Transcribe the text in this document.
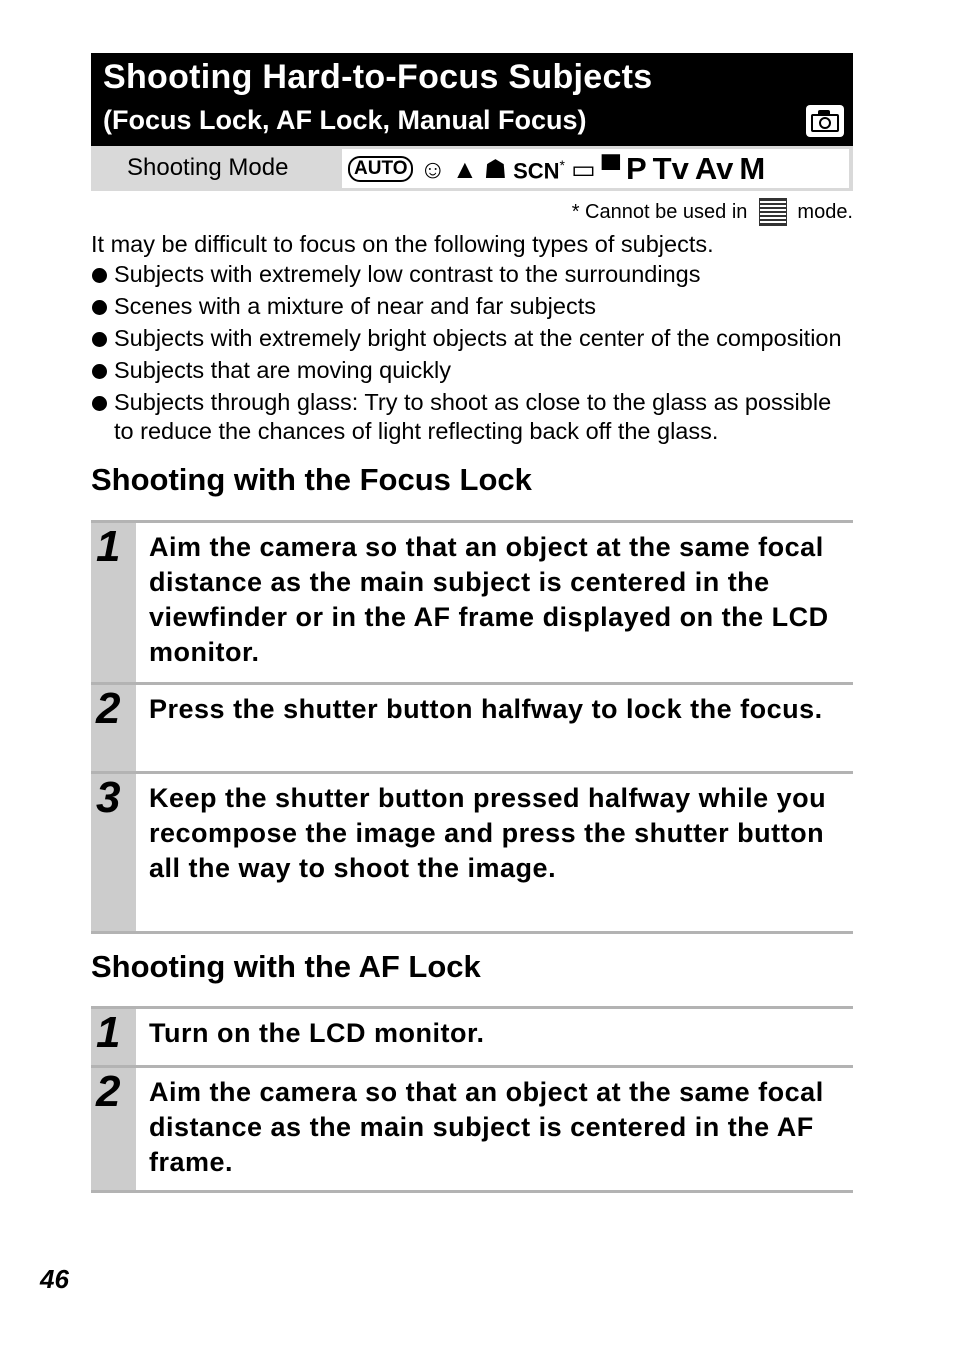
Shooting Hard-to-Focus Subjects
(Focus Lock, AF Lock, Manual Focus)
Shooting Mode	AUTO ☺ ▲ ☗ SCN* ▭ ▀ P Tv Av M
* Cannot be used in	mode.
It may be difficult to focus on the following types of subjects.
Subjects with extremely low contrast to the surroundings
Scenes with a mixture of near and far subjects
Subjects with extremely bright objects at the center of the composition
Subjects that are moving quickly
Subjects through glass: Try to shoot as close to the glass as possible
to reduce the chances of light reflecting back off the glass.
Shooting with the Focus Lock
1 Aim the camera so that an object at the same focal distance as the main subject is centered in the viewfinder or in the AF frame displayed on the LCD monitor.
2 Press the shutter button halfway to lock the focus.
3 Keep the shutter button pressed halfway while you recompose the image and press the shutter button all the way to shoot the image.
Shooting with the AF Lock
1 Turn on the LCD monitor.
2 Aim the camera so that an object at the same focal distance as the main subject is centered in the AF frame.
46
